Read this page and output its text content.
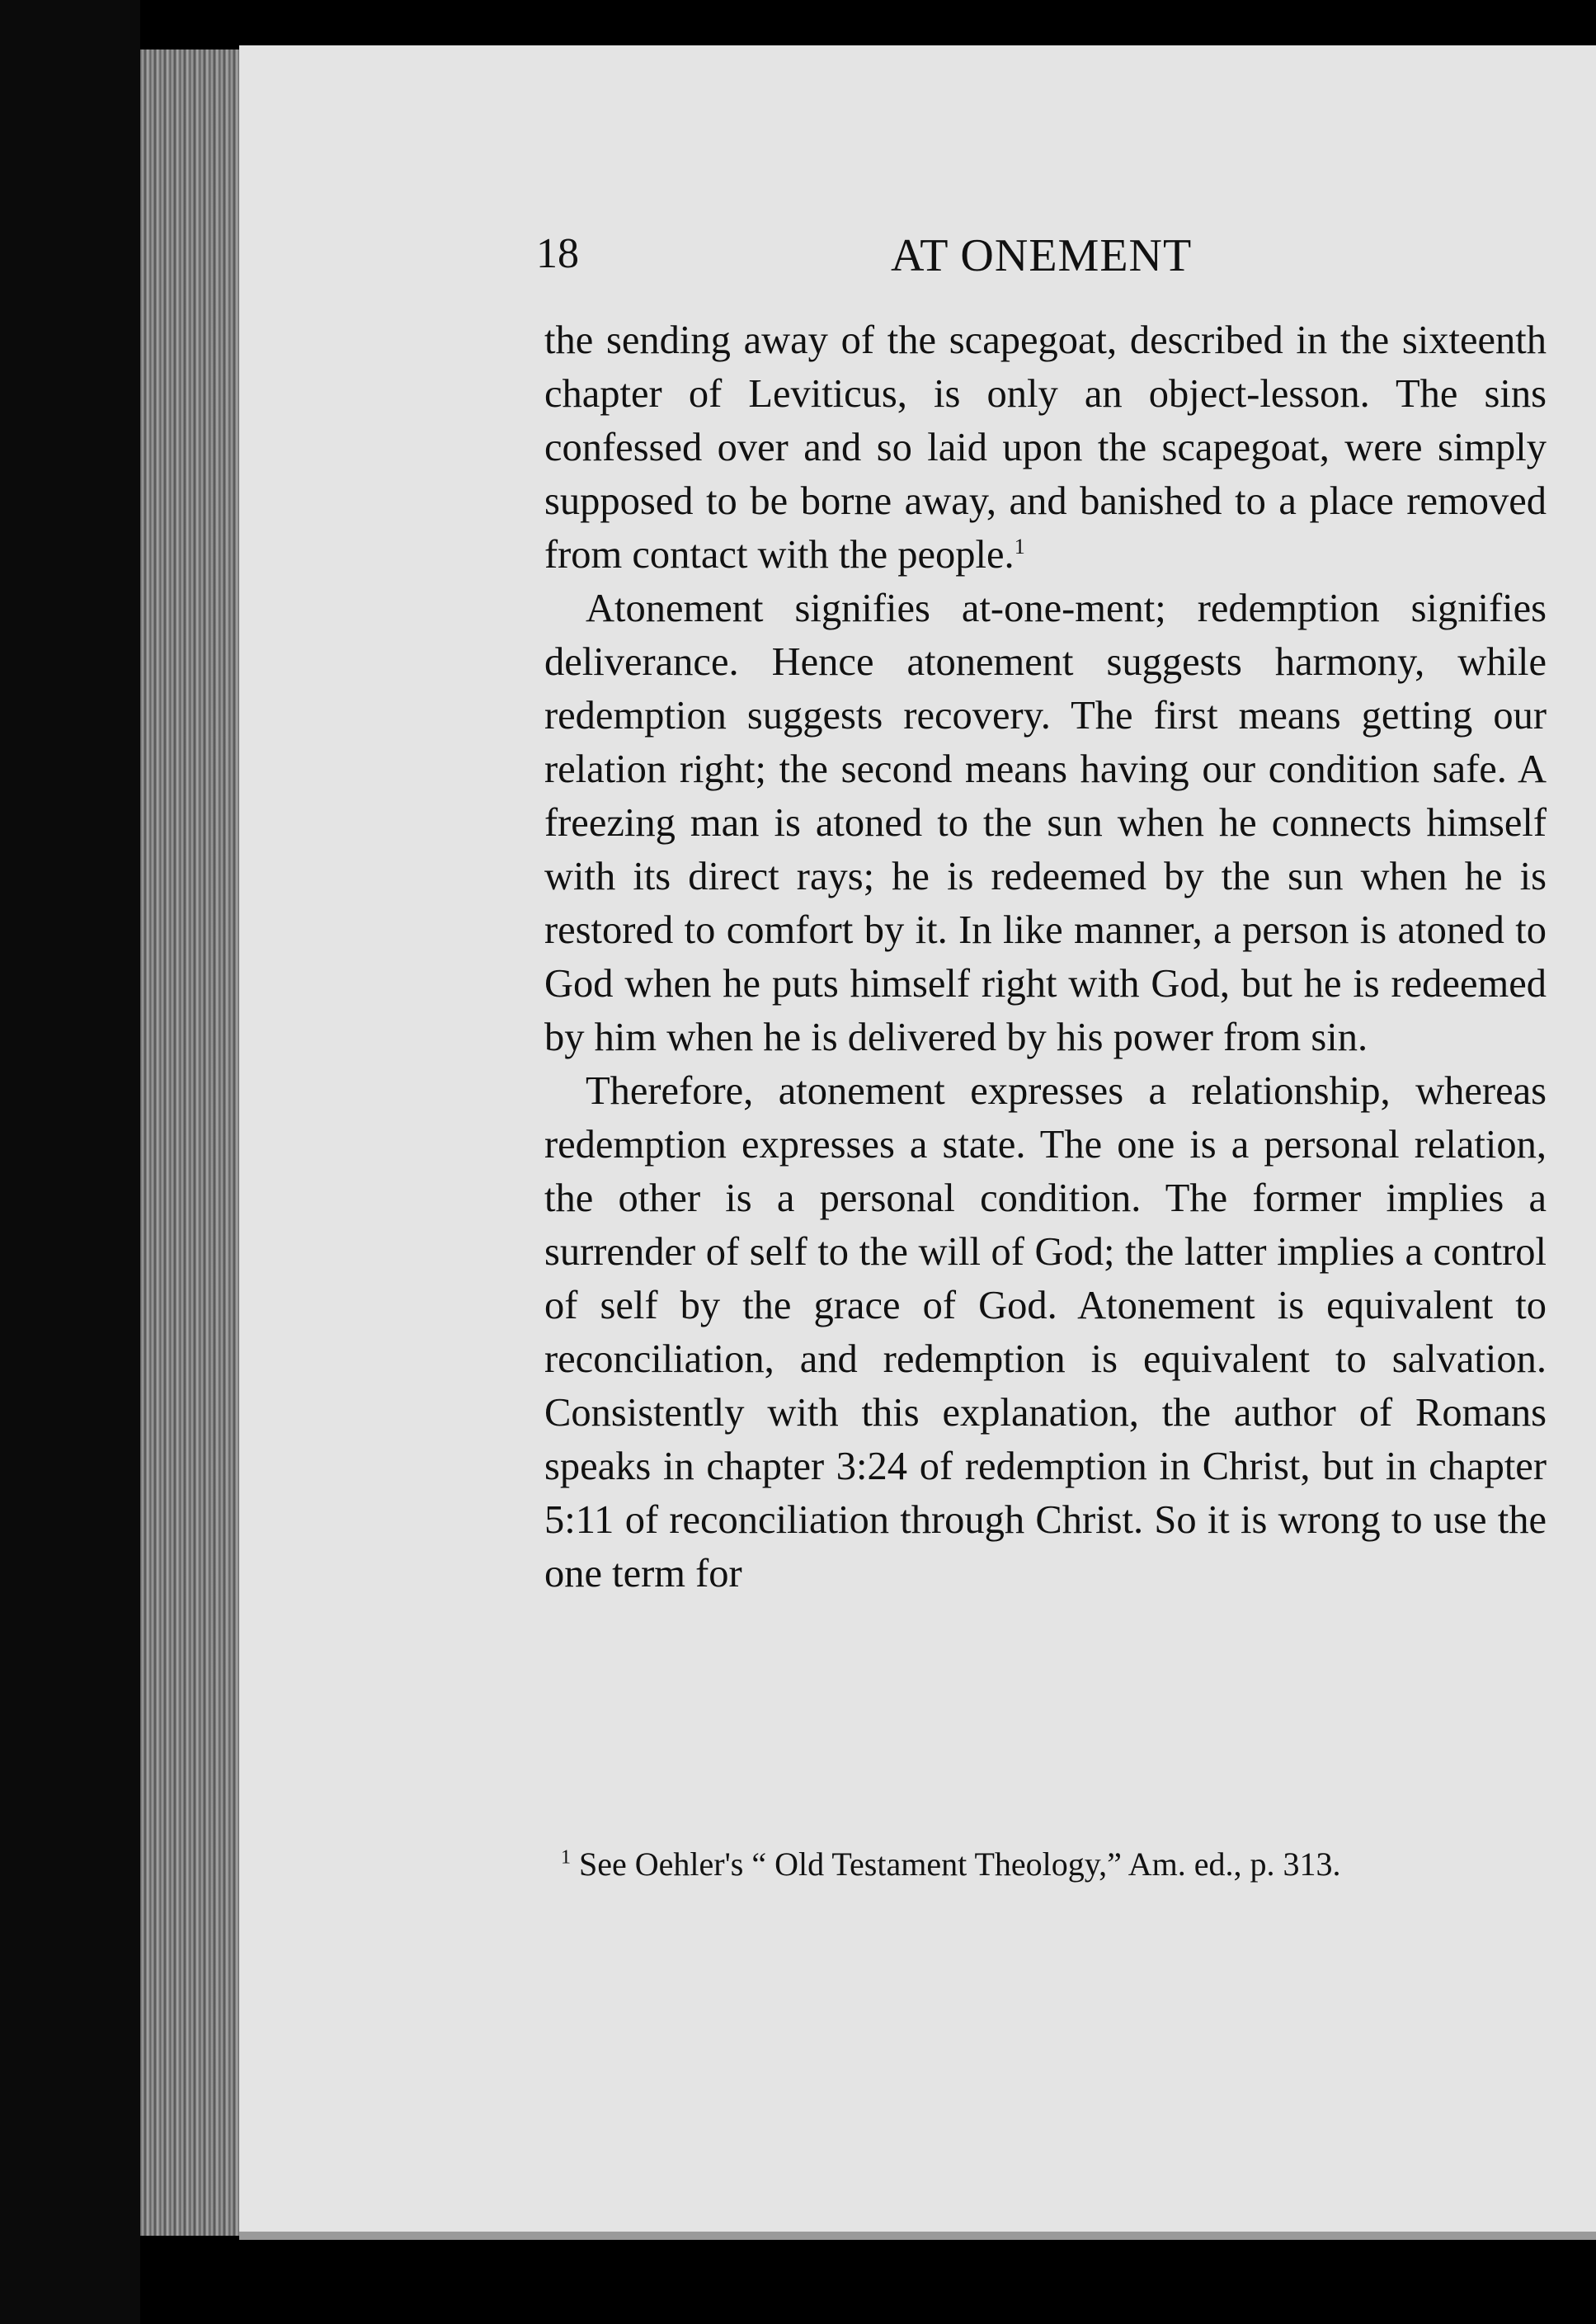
18	AT ONEMENT

the sending away of the scapegoat, described in the sixteenth chapter of Leviticus, is only an object-lesson. The sins confessed over and so laid upon the scapegoat, were simply supposed to be borne away, and banished to a place removed from contact with the people.$^1$

Atonement signifies at-one-ment; redemption signifies deliverance. Hence atonement suggests harmony, while redemption suggests recovery. The first means getting our relation right; the second means having our condition safe. A freezing man is atoned to the sun when he connects himself with its direct rays; he is redeemed by the sun when he is restored to comfort by it. In like manner, a person is atoned to God when he puts himself right with God, but he is redeemed by him when he is delivered by his power from sin.

Therefore, atonement expresses a relationship, whereas redemption expresses a state. The one is a personal relation, the other is a personal condition. The former implies a surrender of self to the will of God; the latter implies a control of self by the grace of God. Atonement is equivalent to reconciliation, and redemption is equivalent to salvation. Consistently with this explanation, the author of Romans speaks in chapter 3:24 of redemption in Christ, but in chapter 5:11 of reconciliation through Christ. So it is wrong to use the one term for

$^1$ See Oehler's “ Old Testament Theology,” Am. ed., p. 313.
